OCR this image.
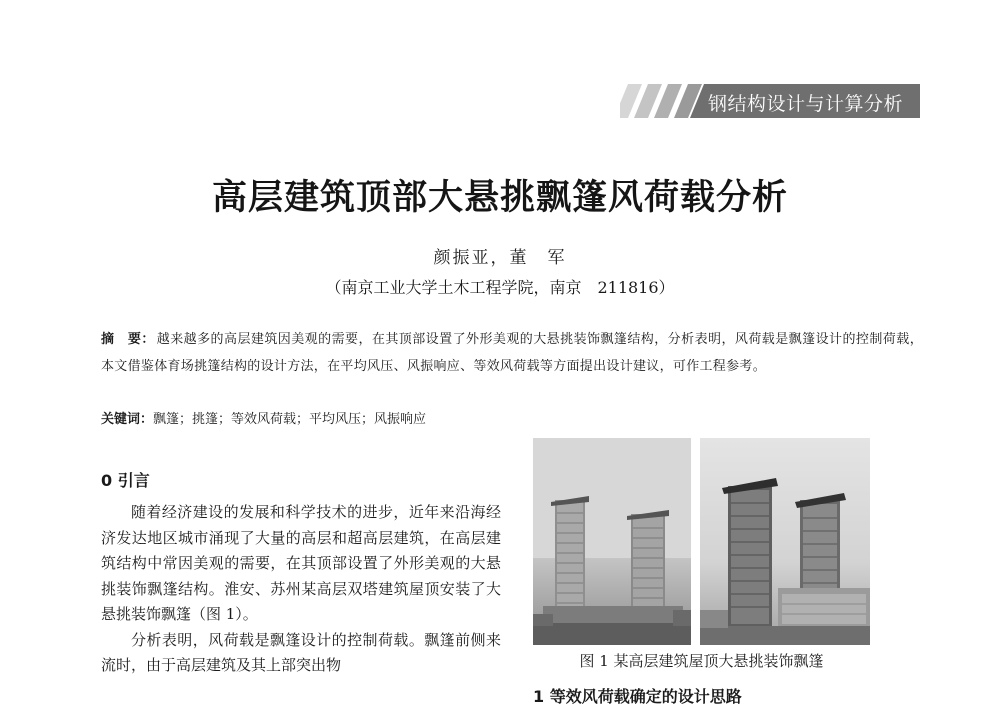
钢结构设计与计算分析
高层建筑顶部大悬挑飘篷风荷载分析
颜振亚，董　军
（南京工业大学土木工程学院，南京　211816）
摘　要： 越来越多的高层建筑因美观的需要，在其顶部设置了外形美观的大悬挑装饰飘篷结构，分析表明，风荷载是飘篷设计的控制荷载，本文借鉴体育场挑篷结构的设计方法，在平均风压、风振响应、等效风荷载等方面提出设计建议，可作工程参考。
关键词：飘篷；挑篷；等效风荷载；平均风压；风振响应
0 引言

随着经济建设的发展和科学技术的进步，近年来沿海经济发达地区城市涌现了大量的高层和超高层建筑，在高层建筑结构中常因美观的需要，在其顶部设置了外形美观的大悬挑装饰飘篷结构。淮安、苏州某高层双塔建筑屋顶安装了大悬挑装饰飘篷（图 1）。

分析表明，风荷载是飘篷设计的控制荷载。飘篷前侧来流时，由于高层建筑及其上部突出物	图 1 某高层建筑屋顶大悬挑装饰飘篷
1 等效风荷载确定的设计思路
